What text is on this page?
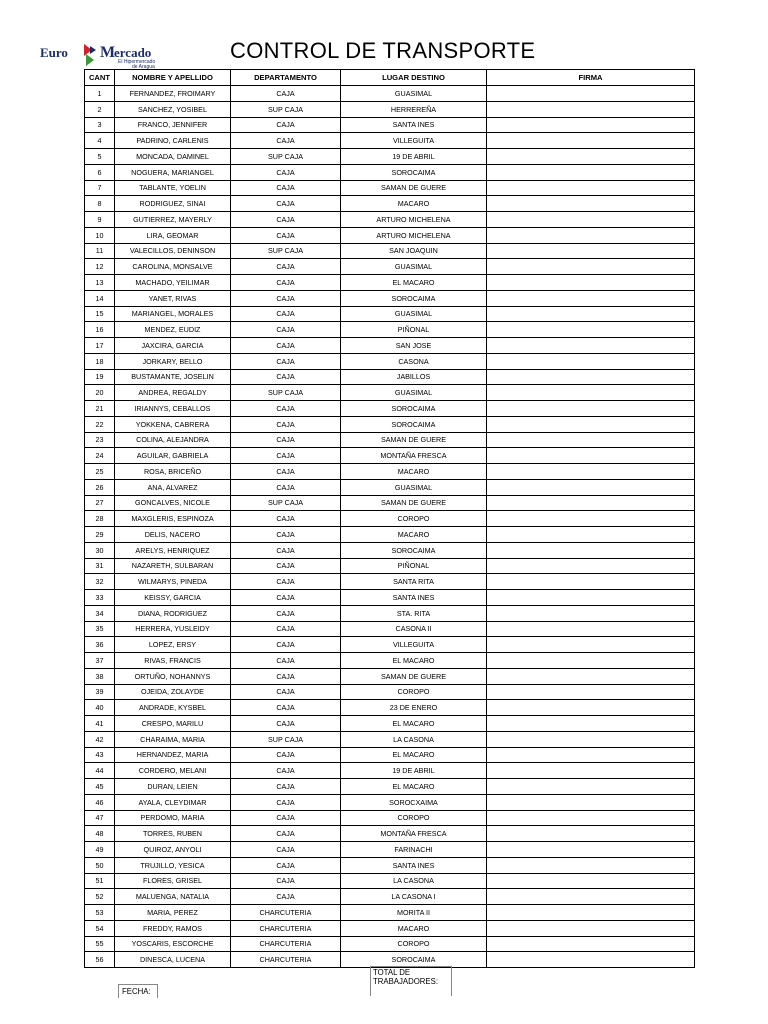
Euro M
ercado
El Hipermercado
de Aragua
CONTROL DE TRANSPORTE
CANT	NOMBRE Y APELLIDO	DEPARTAMENTO	LUGAR DESTINO	FIRMA
1	FERNANDEZ, FROIMARY	CAJA	GUASIMAL	
2	SANCHEZ, YOSIBEL	SUP CAJA	HERREREÑA	
3	FRANCO, JENNIFER	CAJA	SANTA INES	
4	PADRINO, CARLENIS	CAJA	VILLEGUITA	
5	MONCADA, DAMINEL	SUP CAJA	19 DE ABRIL	
6	NOGUERA, MARIANGEL	CAJA	SOROCAIMA	
7	TABLANTE, YOELIN	CAJA	SAMAN DE GUERE	
8	RODRIGUEZ, SINAI	CAJA	MACARO	
9	GUTIERREZ, MAYERLY	CAJA	ARTURO MICHELENA	
10	LIRA, GEOMAR	CAJA	ARTURO MICHELENA	
11	VALECILLOS, DENINSON	SUP CAJA	SAN JOAQUIN	
12	CAROLINA, MONSALVE	CAJA	GUASIMAL	
13	MACHADO, YEILIMAR	CAJA	EL MACARO	
14	YANET, RIVAS	CAJA	SOROCAIMA	
15	MARIANGEL, MORALES	CAJA	GUASIMAL	
16	MENDEZ, EUDIZ	CAJA	PIÑONAL	
17	JAXCIRA, GARCIA	CAJA	SAN JOSE	
18	JORKARY, BELLO	CAJA	CASONA	
19	BUSTAMANTE, JOSELIN	CAJA	JABILLOS	
20	ANDREA, REGALDY	SUP CAJA	GUASIMAL	
21	IRIANNYS, CEBALLOS	CAJA	SOROCAIMA	
22	YOKKENA, CABRERA	CAJA	SOROCAIMA	
23	COLINA, ALEJANDRA	CAJA	SAMAN DE GUERE	
24	AGUILAR, GABRIELA	CAJA	MONTAÑA FRESCA	
25	ROSA, BRICEÑO	CAJA	MACARO	
26	ANA, ALVAREZ	CAJA	GUASIMAL	
27	GONCALVES, NICOLE	SUP CAJA	SAMAN DE GUERE	
28	MAXGLERIS, ESPINOZA	CAJA	COROPO	
29	DELIS, NACERO	CAJA	MACARO	
30	ARELYS, HENRIQUEZ	CAJA	SOROCAIMA	
31	NAZARETH, SULBARAN	CAJA	PIÑONAL	
32	WILMARYS, PINEDA	CAJA	SANTA RITA	
33	KEISSY, GARCIA	CAJA	SANTA INES	
34	DIANA, RODRIGUEZ	CAJA	STA. RITA	
35	HERRERA, YUSLEIDY	CAJA	CASONA II	
36	LOPEZ, ERSY	CAJA	VILLEGUITA	
37	RIVAS, FRANCIS	CAJA	EL MACARO	
38	ORTUÑO, NOHANNYS	CAJA	SAMAN DE GUERE	
39	OJEIDA, ZOLAYDE	CAJA	COROPO	
40	ANDRADE, KYSBEL	CAJA	23 DE ENERO	
41	CRESPO, MARILU	CAJA	EL MACARO	
42	CHARAIMA, MARIA	SUP CAJA	LA CASONA	
43	HERNANDEZ, MARIA	CAJA	EL MACARO	
44	CORDERO, MELANI	CAJA	19 DE ABRIL	
45	DURAN, LEIEN	CAJA	EL MACARO	
46	AYALA, CLEYDIMAR	CAJA	SOROCXAIMA	
47	PERDOMO, MARIA	CAJA	COROPO	
48	TORRES, RUBEN	CAJA	MONTAÑA FRESCA	
49	QUIROZ, ANYOLI	CAJA	FARINACHI	
50	TRUJILLO, YESICA	CAJA	SANTA INES	
51	FLORES, GRISEL	CAJA	LA CASONA	
52	MALUENGA, NATALIA	CAJA	LA CASONA I	
53	MARIA, PEREZ	CHARCUTERIA	MORITA II	
54	FREDDY, RAMOS	CHARCUTERIA	MACARO	
55	YOSCARIS, ESCORCHE	CHARCUTERIA	COROPO	
56	DINESCA, LUCENA	CHARCUTERIA	SOROCAIMA	
TOTAL DE TRABAJADORES:
FECHA:
